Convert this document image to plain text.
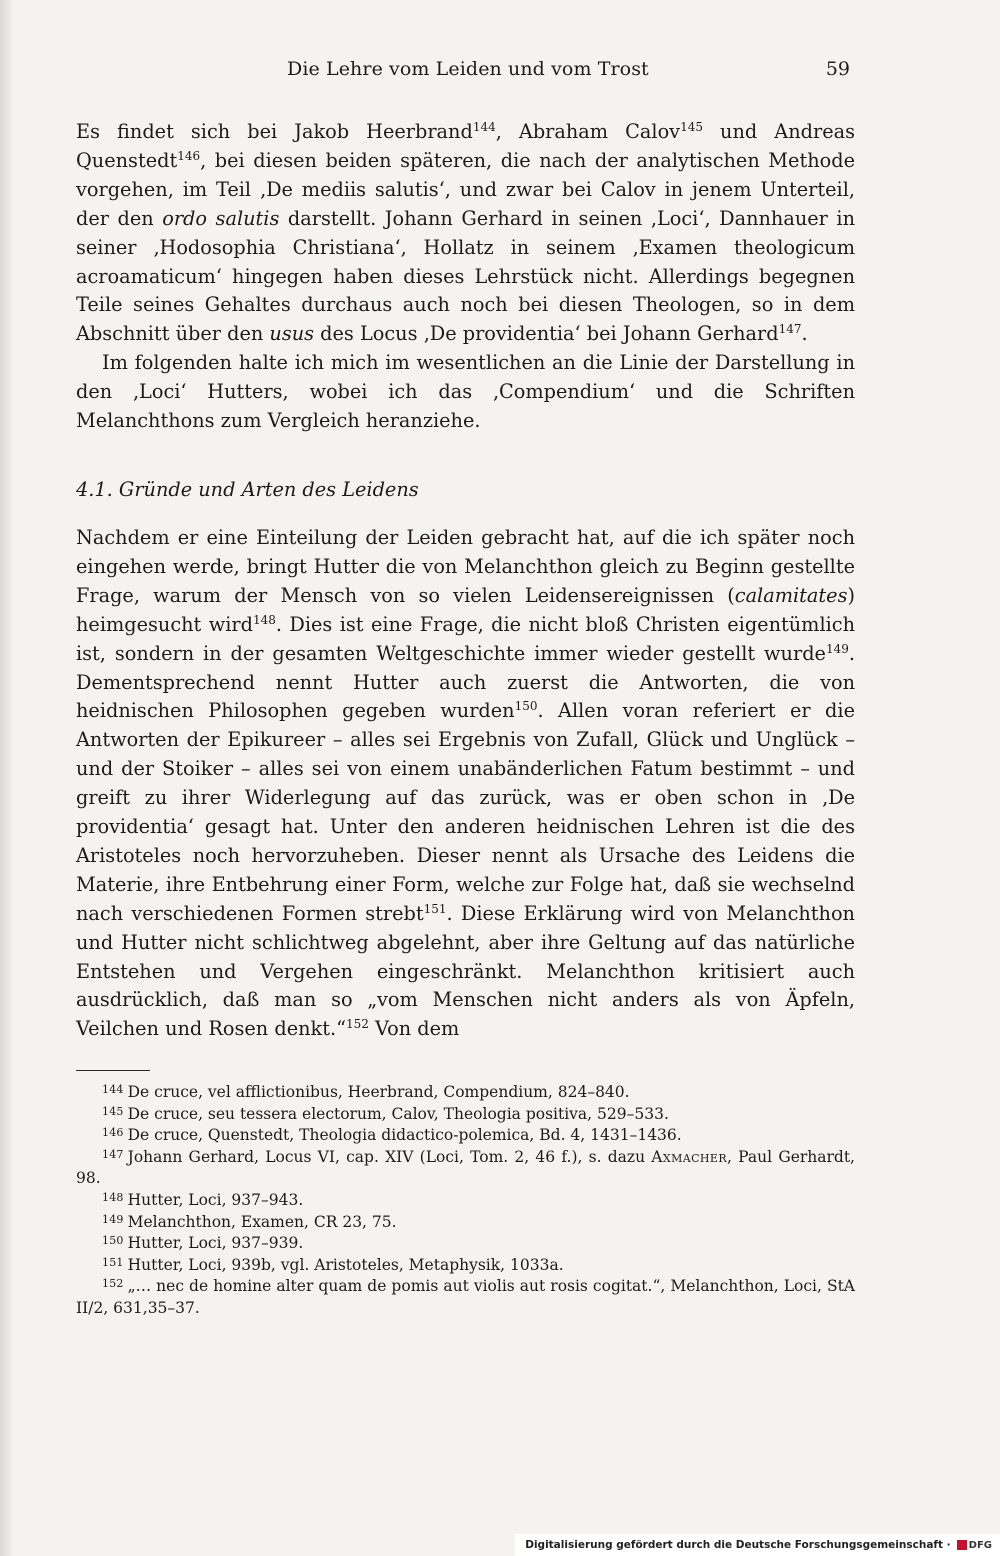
Die Lehre vom Leiden und vom Trost	59

Es findet sich bei Jakob Heerbrand$^{144}$, Abraham Calov$^{145}$ und Andreas Quenstedt$^{146}$, bei diesen beiden späteren, die nach der analytischen Methode vorgehen, im Teil ‚De mediis salutis‘, und zwar bei Calov in jenem Unterteil, der den ordo salutis darstellt. Johann Gerhard in seinen ‚Loci‘, Dannhauer in seiner ‚Hodosophia Christiana‘, Hollatz in seinem ‚Examen theologicum acroamaticum‘ hingegen haben dieses Lehrstück nicht. Allerdings begegnen Teile seines Gehaltes durchaus auch noch bei diesen Theologen, so in dem Abschnitt über den usus des Locus ‚De providentia‘ bei Johann Gerhard$^{147}$.

Im folgenden halte ich mich im wesentlichen an die Linie der Darstellung in den ‚Loci‘ Hutters, wobei ich das ‚Compendium‘ und die Schriften Melanchthons zum Vergleich heranziehe.

4.1. Gründe und Arten des Leidens

Nachdem er eine Einteilung der Leiden gebracht hat, auf die ich später noch eingehen werde, bringt Hutter die von Melanchthon gleich zu Beginn gestellte Frage, warum der Mensch von so vielen Leidensereignissen (calamitates) heimgesucht wird$^{148}$. Dies ist eine Frage, die nicht bloß Christen eigentümlich ist, sondern in der gesamten Weltgeschichte immer wieder gestellt wurde$^{149}$. Dementsprechend nennt Hutter auch zuerst die Antworten, die von heidnischen Philosophen gegeben wurden$^{150}$. Allen voran referiert er die Antworten der Epikureer – alles sei Ergebnis von Zufall, Glück und Unglück – und der Stoiker – alles sei von einem unabänderlichen Fatum bestimmt – und greift zu ihrer Widerlegung auf das zurück, was er oben schon in ‚De providentia‘ gesagt hat. Unter den anderen heidnischen Lehren ist die des Aristoteles noch hervorzuheben. Dieser nennt als Ursache des Leidens die Materie, ihre Entbehrung einer Form, welche zur Folge hat, daß sie wechselnd nach verschiedenen Formen strebt$^{151}$. Diese Erklärung wird von Melanchthon und Hutter nicht schlichtweg abgelehnt, aber ihre Geltung auf das natürliche Entstehen und Vergehen eingeschränkt. Melanchthon kritisiert auch ausdrücklich, daß man so „vom Menschen nicht anders als von Äpfeln, Veilchen und Rosen denkt.“$^{152}$ Von dem

$^{144}$ De cruce, vel afflictionibus, Heerbrand, Compendium, 824–840.

$^{145}$ De cruce, seu tessera electorum, Calov, Theologia positiva, 529–533.

$^{146}$ De cruce, Quenstedt, Theologia didactico-polemica, Bd. 4, 1431–1436.

$^{147}$ Johann Gerhard, Locus VI, cap. XIV (Loci, Tom. 2, 46 f.), s. dazu Axmacher, Paul Gerhardt, 98.

$^{148}$ Hutter, Loci, 937–943.

$^{149}$ Melanchthon, Examen, CR 23, 75.

$^{150}$ Hutter, Loci, 937–939.

$^{151}$ Hutter, Loci, 939b, vgl. Aristoteles, Metaphysik, 1033a.

$^{152}$ „… nec de homine alter quam de pomis aut violis aut rosis cogitat.“, Melanchthon, Loci, StA II/2, 631,35–37.

Digitalisierung gefördert durch die Deutsche Forschungsgemeinschaft · DFG
